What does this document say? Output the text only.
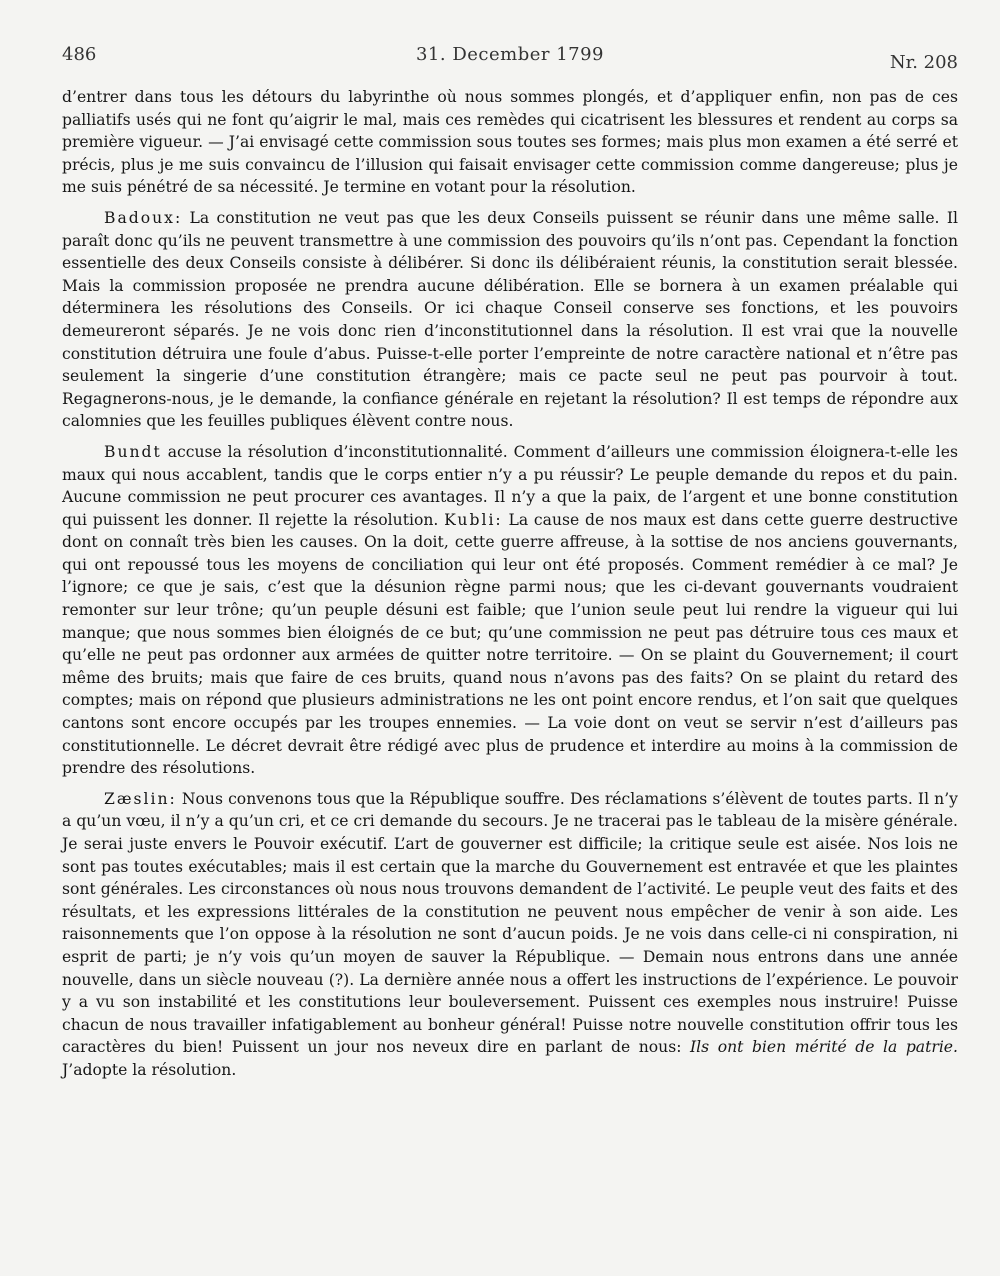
486	31. December 1799	Nr. 208

d’entrer dans tous les détours du labyrinthe où nous sommes plongés, et d’appliquer enfin, non pas de ces palliatifs usés qui ne font qu’aigrir le mal, mais ces remèdes qui cicatrisent les blessures et rendent au corps sa première vigueur. — J’ai envisagé cette commission sous toutes ses formes; mais plus mon examen a été serré et précis, plus je me suis convaincu de l’illusion qui faisait envisager cette commission comme dangereuse; plus je me suis pénétré de sa nécessité. Je termine en votant pour la résolution.

Badoux: La constitution ne veut pas que les deux Conseils puissent se réunir dans une même salle. Il paraît donc qu’ils ne peuvent transmettre à une commission des pouvoirs qu’ils n’ont pas. Cependant la fonction essentielle des deux Conseils consiste à délibérer. Si donc ils délibéraient réunis, la constitution serait blessée. Mais la commission proposée ne prendra aucune délibération. Elle se bornera à un examen préalable qui déterminera les résolutions des Conseils. Or ici chaque Conseil conserve ses fonctions, et les pouvoirs demeureront séparés. Je ne vois donc rien d’inconstitutionnel dans la résolution. Il est vrai que la nouvelle constitution détruira une foule d’abus. Puisse-t-elle porter l’empreinte de notre caractère national et n’être pas seulement la singerie d’une constitution étrangère; mais ce pacte seul ne peut pas pourvoir à tout. Regagnerons-nous, je le demande, la confiance générale en rejetant la résolution? Il est temps de répondre aux calomnies que les feuilles publiques élèvent contre nous.

Bundt accuse la résolution d’inconstitutionnalité. Comment d’ailleurs une commission éloignera-t-elle les maux qui nous accablent, tandis que le corps entier n’y a pu réussir? Le peuple demande du repos et du pain. Aucune commission ne peut procurer ces avantages. Il n’y a que la paix, de l’argent et une bonne constitution qui puissent les donner. Il rejette la résolution. Kubli: La cause de nos maux est dans cette guerre destructive dont on connaît très bien les causes. On la doit, cette guerre affreuse, à la sottise de nos anciens gouvernants, qui ont repoussé tous les moyens de conciliation qui leur ont été proposés. Comment remédier à ce mal? Je l’ignore; ce que je sais, c’est que la désunion règne parmi nous; que les ci-devant gouvernants voudraient remonter sur leur trône; qu’un peuple désuni est faible; que l’union seule peut lui rendre la vigueur qui lui manque; que nous sommes bien éloignés de ce but; qu’une commission ne peut pas détruire tous ces maux et qu’elle ne peut pas ordonner aux armées de quitter notre territoire. — On se plaint du Gouvernement; il court même des bruits; mais que faire de ces bruits, quand nous n’avons pas des faits? On se plaint du retard des comptes; mais on répond que plusieurs administrations ne les ont point encore rendus, et l’on sait que quelques cantons sont encore occupés par les troupes ennemies. — La voie dont on veut se servir n’est d’ailleurs pas constitutionnelle. Le décret devrait être rédigé avec plus de prudence et interdire au moins à la commission de prendre des résolutions.

Zæslin: Nous convenons tous que la République souffre. Des réclamations s’élèvent de toutes parts. Il n’y a qu’un vœu, il n’y a qu’un cri, et ce cri demande du secours. Je ne tracerai pas le tableau de la misère générale. Je serai juste envers le Pouvoir exécutif. L’art de gouverner est difficile; la critique seule est aisée. Nos lois ne sont pas toutes exécutables; mais il est certain que la marche du Gouvernement est entravée et que les plaintes sont générales. Les circonstances où nous nous trouvons demandent de l’activité. Le peuple veut des faits et des résultats, et les expressions littérales de la constitution ne peuvent nous empêcher de venir à son aide. Les raisonnements que l’on oppose à la résolution ne sont d’aucun poids. Je ne vois dans celle-ci ni conspiration, ni esprit de parti; je n’y vois qu’un moyen de sauver la République. — Demain nous entrons dans une année nouvelle, dans un siècle nouveau (?). La dernière année nous a offert les instructions de l’expérience. Le pouvoir y a vu son instabilité et les constitutions leur bouleversement. Puissent ces exemples nous instruire! Puisse chacun de nous travailler infatigablement au bonheur général! Puisse notre nouvelle constitution offrir tous les caractères du bien! Puissent un jour nos neveux dire en parlant de nous: Ils ont bien mérité de la patrie. J’adopte la résolution.
